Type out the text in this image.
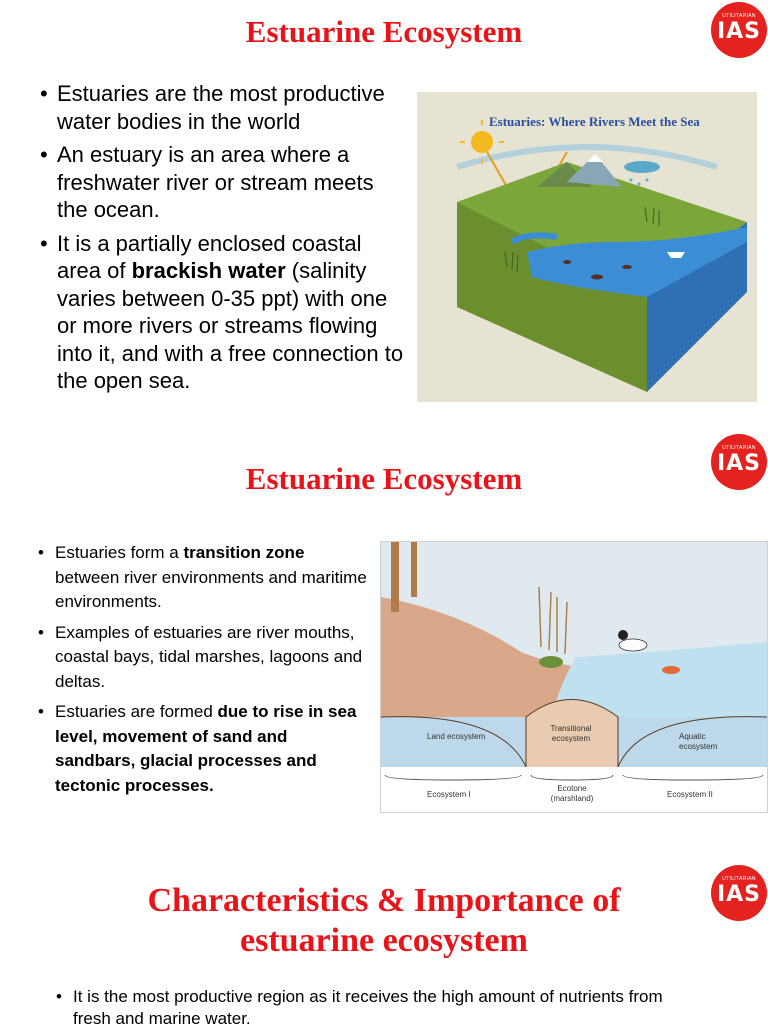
Estuarine Ecosystem	UTILITARIAN
IAS
• Estuaries are the most productive water bodies in the world
• An estuary is an area where a freshwater river or stream meets the ocean.
• It is a partially enclosed coastal area of brackish water (salinity varies between 0-35 ppt) with one or more rivers or streams flowing into it, and with a free connection to the open sea.
Estuaries: Where Rivers Meet the Sea
Estuarine Ecosystem
UTILITARIAN
IAS
• Estuaries form a transition zone between river environments and maritime environments.
• Examples of estuaries are river mouths, coastal bays, tidal marshes, lagoons and deltas.
• Estuaries are formed due to rise in sea level, movement of sand and sandbars, glacial processes and tectonic processes.
Land ecosystem
Transitional ecosystem	Aquatic ecosystem
Ecosystem I
Ecotone (marshland)	Ecosystem II
Characteristics & Importance of
estuarine ecosystem
UTILITARIAN
IAS
• It is the most productive region as it receives the high amount of nutrients from fresh and marine water.
